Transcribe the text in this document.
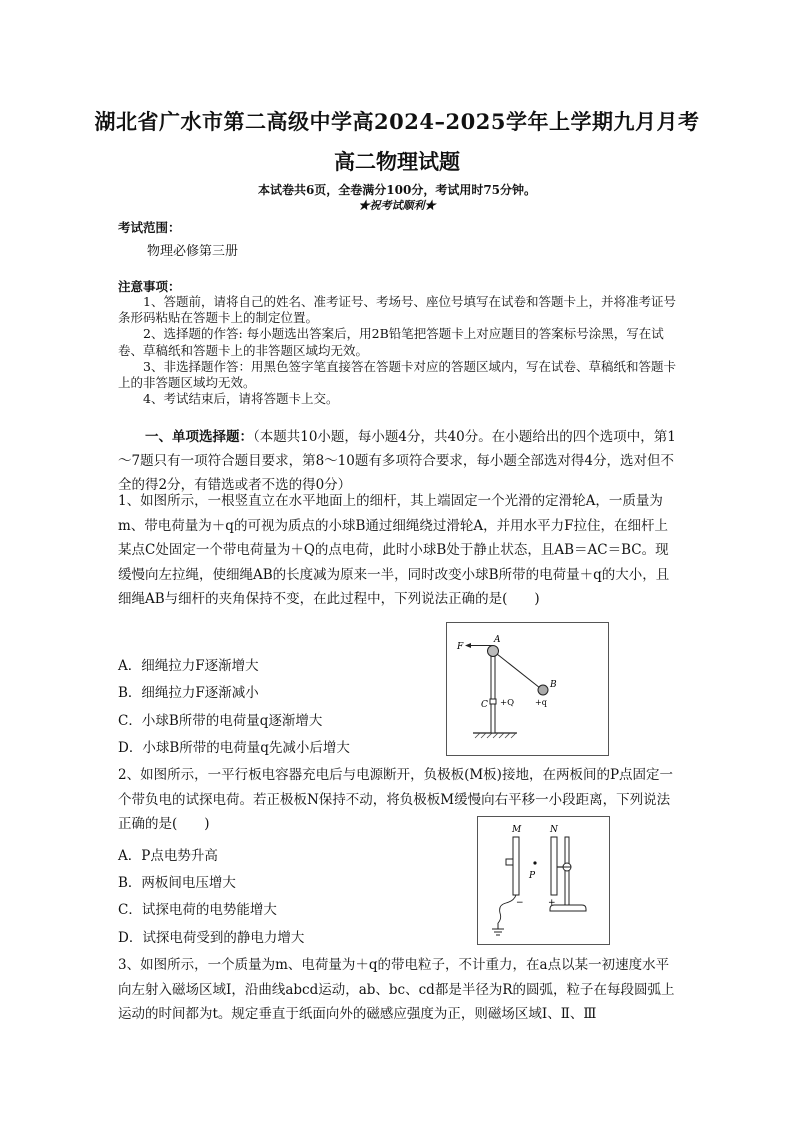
湖北省广水市第二高级中学高2024–2025学年上学期九月月考
高二物理试题
本试卷共6页，全卷满分100分，考试用时75分钟。
★祝考试顺利★
考试范围：
物理必修第三册
注意事项：

1、答题前，请将自己的姓名、准考证号、考场号、座位号填写在试卷和答题卡上，并将准考证号条形码粘贴在答题卡上的制定位置。

2、选择题的作答: 每小题选出答案后，用2B铅笔把答题卡上对应题目的答案标号涂黑，写在试卷、草稿纸和答题卡上的非答题区域均无效。

3、非选择题作答：用黑色签字笔直接答在答题卡对应的答题区域内，写在试卷、草稿纸和答题卡上的非答题区域均无效。

4、考试结束后，请将答题卡上交。

一、单项选择题：（本题共10小题，每小题4分，共40分。在小题给出的四个选项中，第1～7题只有一项符合题目要求，第8～10题有多项符合要求，每小题全部选对得4分，选对但不全的得2分，有错选或者不选的得0分）
1、如图所示，一根竖直立在水平地面上的细杆，其上端固定一个光滑的定滑轮A，一质量为m、带电荷量为＋q的可视为质点的小球B通过细绳绕过滑轮A，并用水平力F拉住，在细杆上某点C处固定一个带电荷量为＋Q的点电荷，此时小球B处于静止状态，且AB＝AC＝BC。现缓慢向左拉绳，使细绳AB的长度减为原来一半，同时改变小球B所带的电荷量＋q的大小，且细绳AB与细杆的夹角保持不变，在此过程中，下列说法正确的是(　　)
A．细绳拉力F逐渐增大
B．细绳拉力F逐渐减小
C．小球B所带的电荷量q逐渐增大
D．小球B所带的电荷量q先减小后增大
F
A
B
+q
C +Q
2、如图所示，一平行板电容器充电后与电源断开，负极板(M板)接地，在两板间的P点固定一个带负电的试探电荷。若正极板N保持不动，将负极板M缓慢向右平移一小段距离，下列说法正确的是(　　)
A．P点电势升高
B．两板间电压增大
C．试探电荷的电势能增大
D．试探电荷受到的静电力增大
M	N
P
−	+
3、如图所示，一个质量为m、电荷量为＋q的带电粒子，不计重力，在a点以某一初速度水平向左射入磁场区域Ⅰ，沿曲线abcd运动，ab、bc、cd都是半径为R的圆弧，粒子在每段圆弧上运动的时间都为t。规定垂直于纸面向外的磁感应强度为正，则磁场区域Ⅰ、Ⅱ、Ⅲ
